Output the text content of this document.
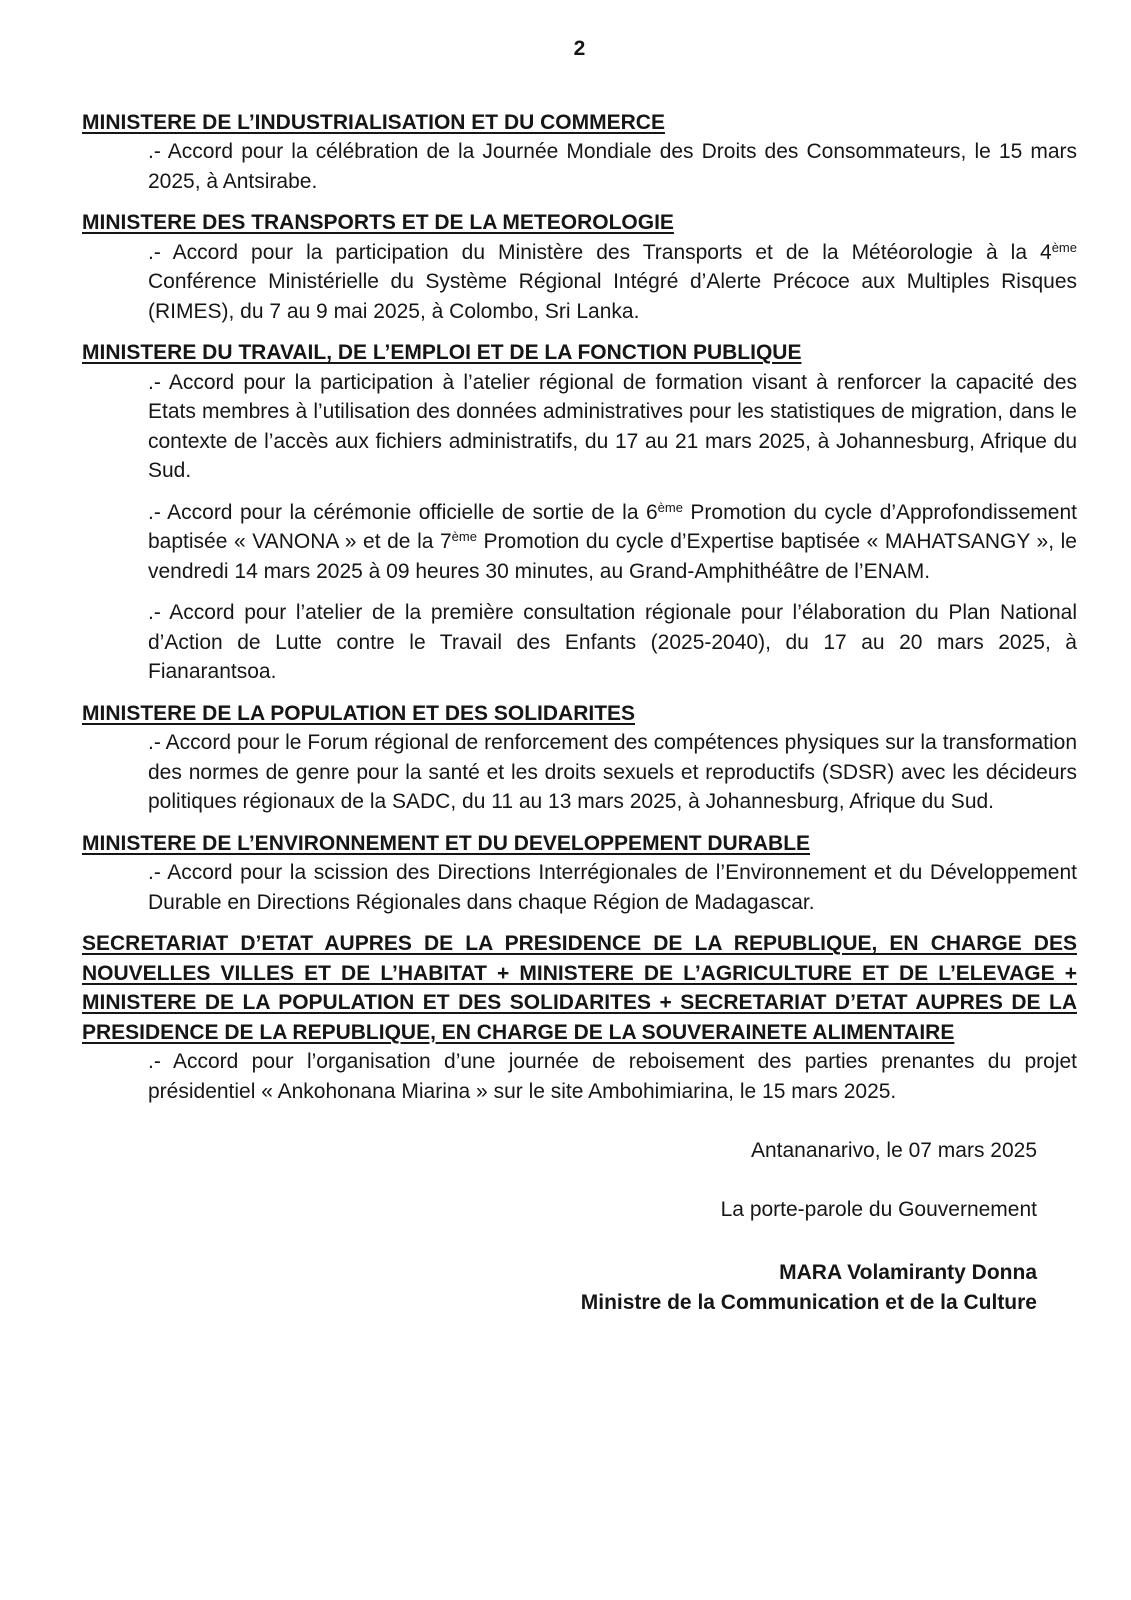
2
MINISTERE DE L’INDUSTRIALISATION ET DU COMMERCE

.- Accord pour la célébration de la Journée Mondiale des Droits des Consommateurs, le 15 mars 2025, à Antsirabe.

MINISTERE DES TRANSPORTS ET DE LA METEOROLOGIE

.- Accord pour la participation du Ministère des Transports et de la Météorologie à la 4ème Conférence Ministérielle du Système Régional Intégré d’Alerte Précoce aux Multiples Risques (RIMES), du 7 au 9 mai 2025, à Colombo, Sri Lanka.

MINISTERE DU TRAVAIL, DE L’EMPLOI ET DE LA FONCTION PUBLIQUE

.- Accord pour la participation à l’atelier régional de formation visant à renforcer la capacité des Etats membres à l’utilisation des données administratives pour les statistiques de migration, dans le contexte de l’accès aux fichiers administratifs, du 17 au 21 mars 2025, à Johannesburg, Afrique du Sud.

.- Accord pour la cérémonie officielle de sortie de la 6ème Promotion du cycle d’Approfondissement baptisée « VANONA » et de la 7ème Promotion du cycle d’Expertise baptisée « MAHATSANGY », le vendredi 14 mars 2025 à 09 heures 30 minutes, au Grand-Amphithéâtre de l’ENAM.

.- Accord pour l’atelier de la première consultation régionale pour l’élaboration du Plan National d’Action de Lutte contre le Travail des Enfants (2025-2040), du 17 au 20 mars 2025, à Fianarantsoa.

MINISTERE DE LA POPULATION ET DES SOLIDARITES

.- Accord pour le Forum régional de renforcement des compétences physiques sur la transformation des normes de genre pour la santé et les droits sexuels et reproductifs (SDSR) avec les décideurs politiques régionaux de la SADC, du 11 au 13 mars 2025, à Johannesburg, Afrique du Sud.

MINISTERE DE L’ENVIRONNEMENT ET DU DEVELOPPEMENT DURABLE

.- Accord pour la scission des Directions Interrégionales de l’Environnement et du Développement Durable en Directions Régionales dans chaque Région de Madagascar.

SECRETARIAT D’ETAT AUPRES DE LA PRESIDENCE DE LA REPUBLIQUE, EN CHARGE DES NOUVELLES VILLES ET DE L’HABITAT + MINISTERE DE L’AGRICULTURE ET DE L’ELEVAGE + MINISTERE DE LA POPULATION ET DES SOLIDARITES + SECRETARIAT D’ETAT AUPRES DE LA PRESIDENCE DE LA REPUBLIQUE, EN CHARGE DE LA SOUVERAINETE ALIMENTAIRE

.- Accord pour l’organisation d’une journée de reboisement des parties prenantes du projet présidentiel « Ankohonana Miarina » sur le site Ambohimiarina, le 15 mars 2025.

Antananarivo, le 07 mars 2025
La porte-parole du Gouvernement
MARA Volamiranty Donna
Ministre de la Communication et de la Culture
